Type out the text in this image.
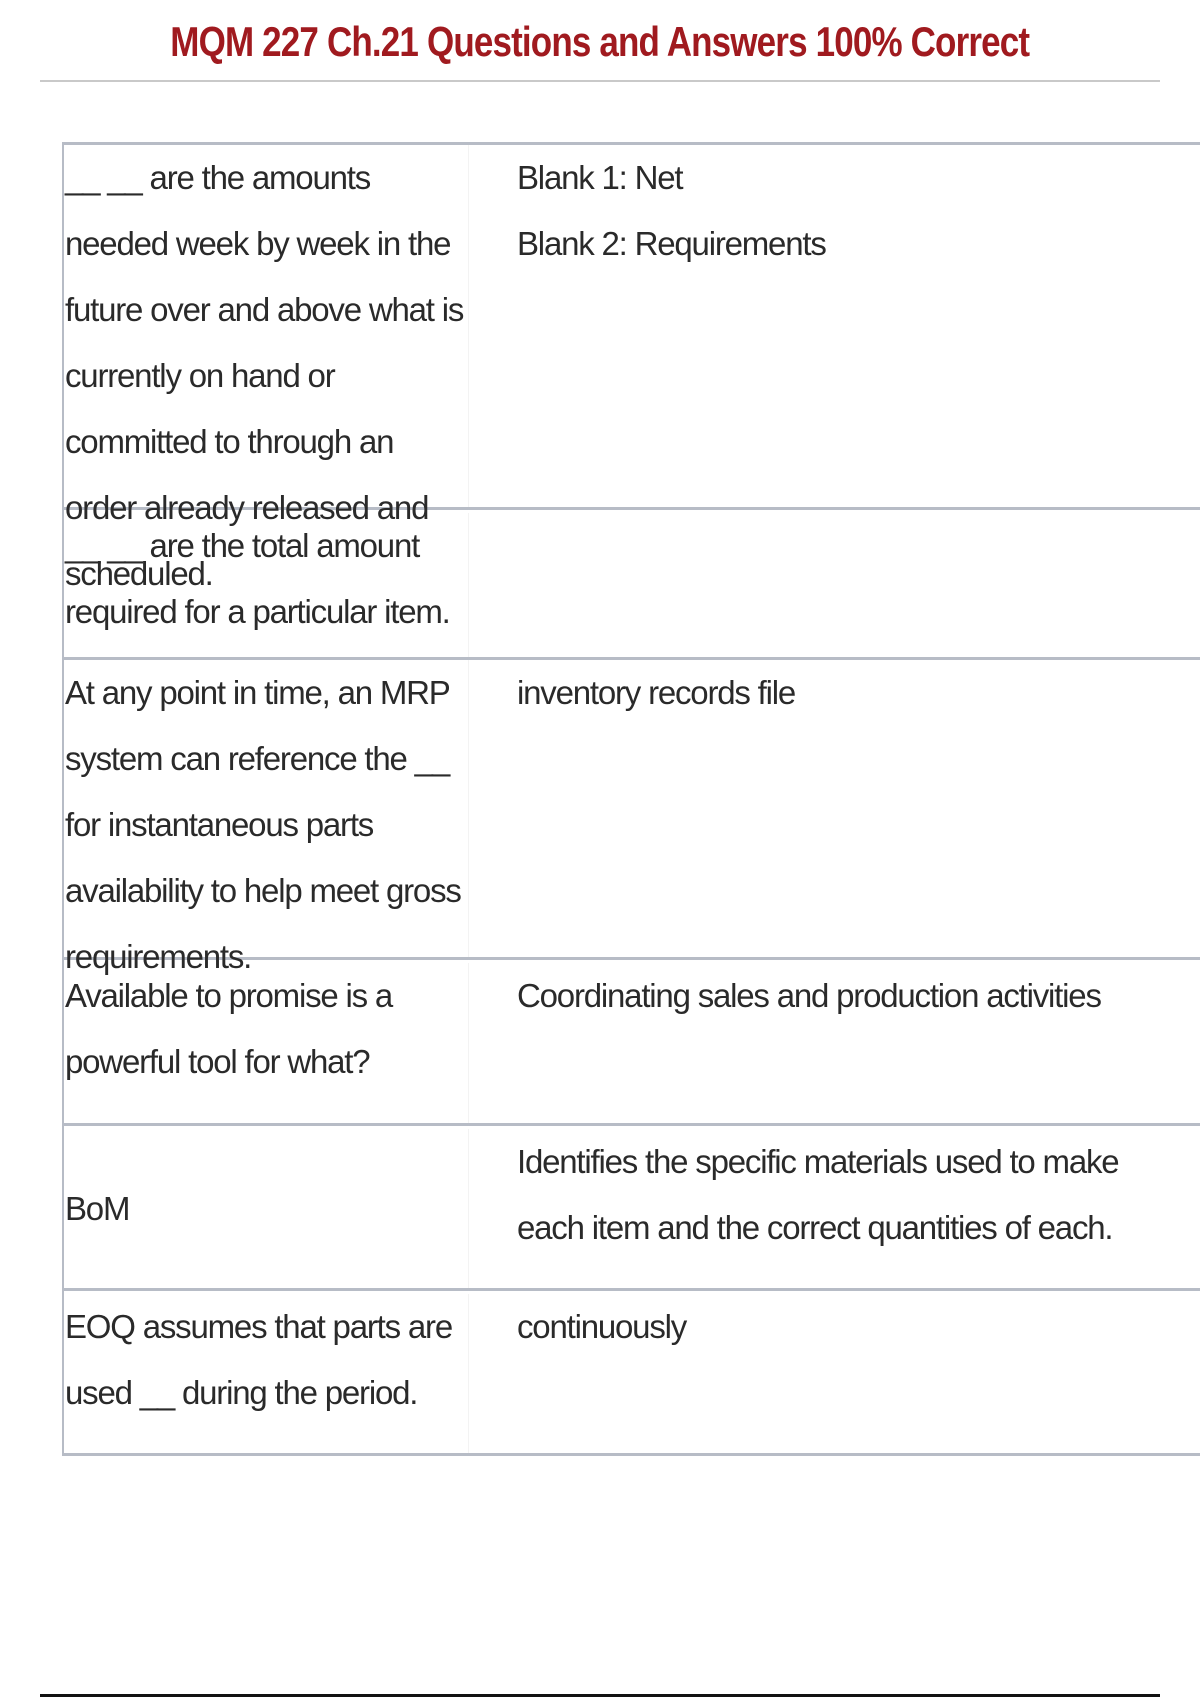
MQM 227 Ch.21 Questions and Answers 100% Correct
__ __ are the amounts needed week by week in the future over and above what is currently on hand or committed to through an order already released and scheduled.

Blank 1: Net

Blank 2: Requirements

__ __ are the total amount required for a particular item.
At any point in time, an MRP system can reference the __ for instantaneous parts availability to help meet gross requirements.

inventory records file

Available to promise is a powerful tool for what?

Coordinating sales and production activities

BoM

Identifies the specific materials used to make each item and the correct quantities of each.

EOQ assumes that parts are used __ during the period.

continuously
